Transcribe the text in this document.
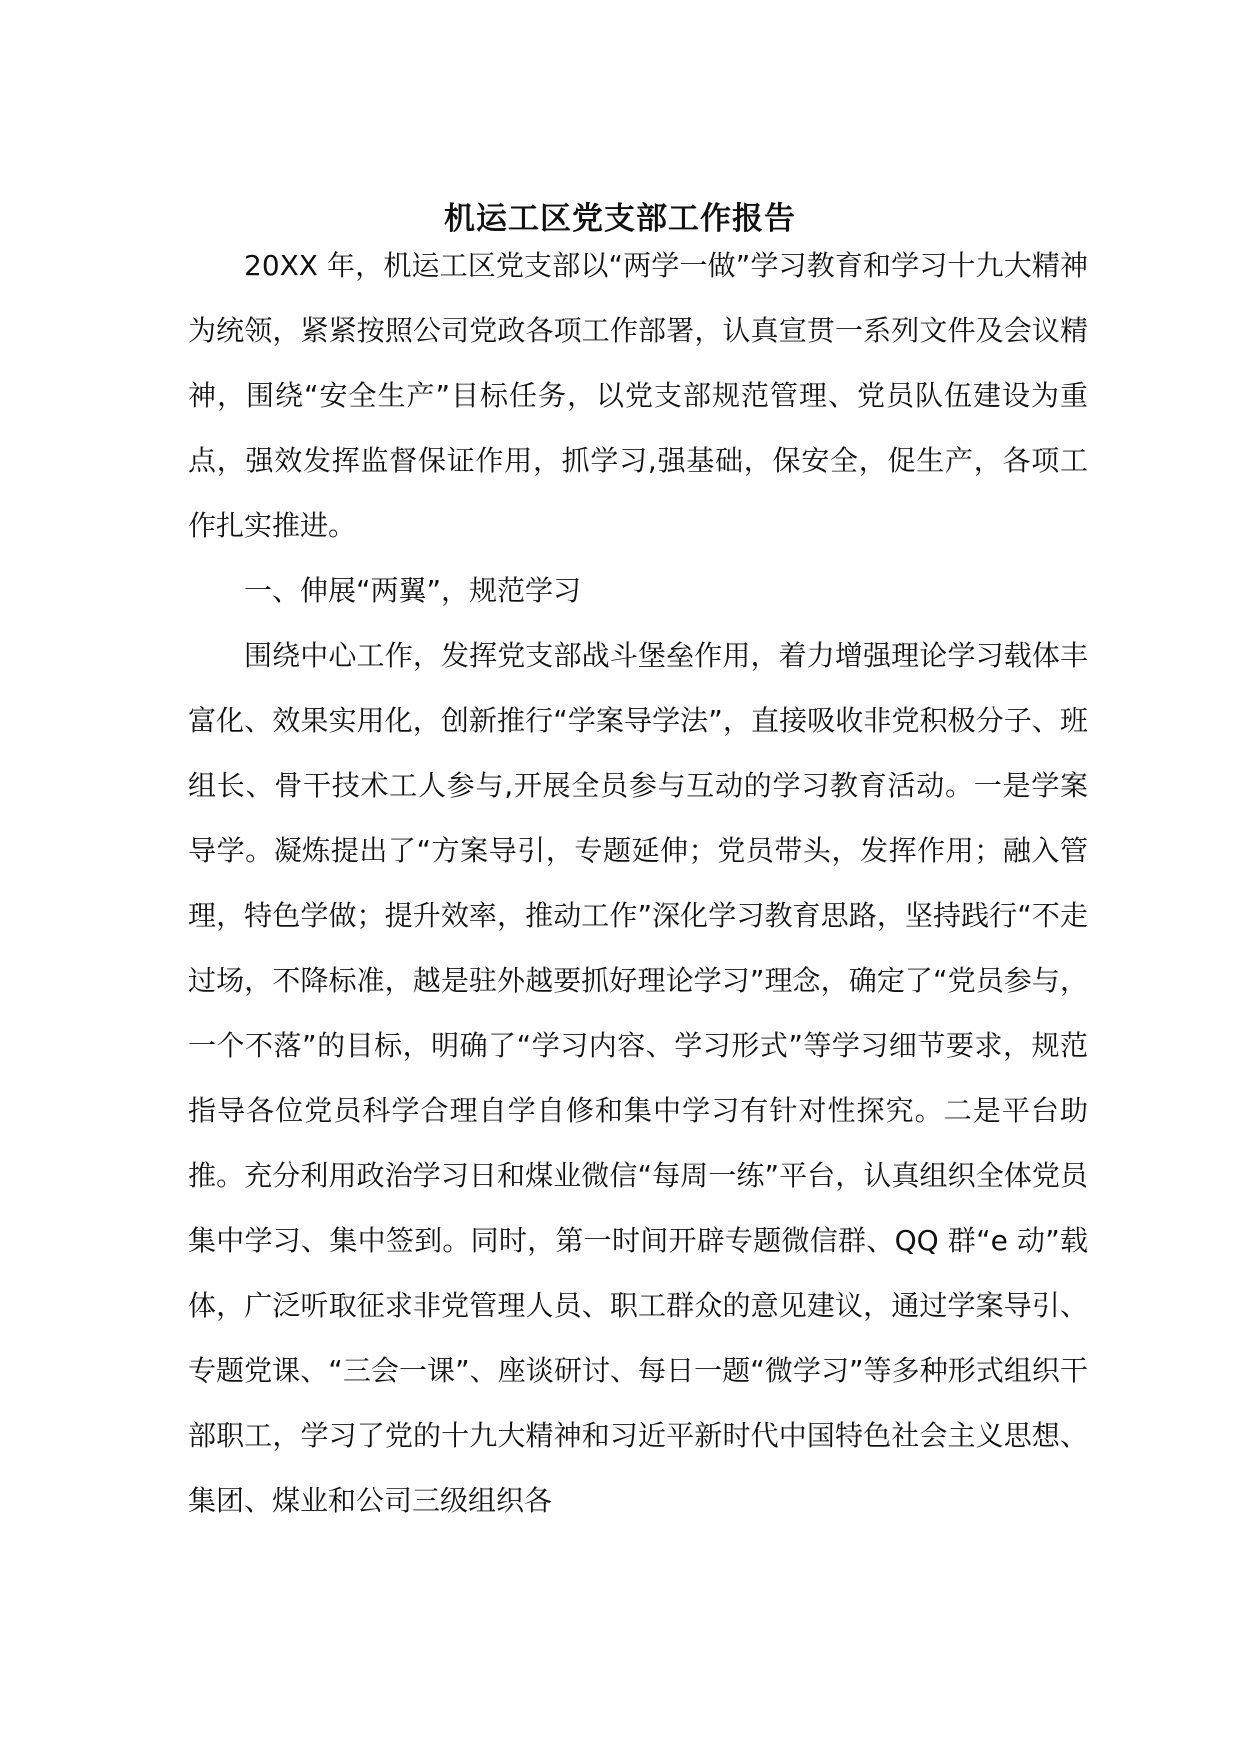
机运工区党支部工作报告

20XX 年，机运工区党支部以“两学一做”学习教育和学习十九大精神为统领，紧紧按照公司党政各项工作部署，认真宣贯一系列文件及会议精神，围绕“安全生产”目标任务，以党支部规范管理、党员队伍建设为重点，强效发挥监督保证作用，抓学习,强基础，保安全，促生产，各项工作扎实推进。

一、伸展“两翼”，规范学习

围绕中心工作，发挥党支部战斗堡垒作用，着力增强理论学习载体丰富化、效果实用化，创新推行“学案导学法”，直接吸收非党积极分子、班组长、骨干技术工人参与,开展全员参与互动的学习教育活动。一是学案导学。凝炼提出了“方案导引，专题延伸；党员带头，发挥作用；融入管理，特色学做；提升效率，推动工作”深化学习教育思路，坚持践行“不走过场，不降标准，越是驻外越要抓好理论学习”理念，确定了“党员参与，一个不落”的目标，明确了“学习内容、学习形式”等学习细节要求，规范指导各位党员科学合理自学自修和集中学习有针对性探究。二是平台助推。充分利用政治学习日和煤业微信“每周一练”平台，认真组织全体党员集中学习、集中签到。同时，第一时间开辟专题微信群、QQ 群“e 动”载体，广泛听取征求非党管理人员、职工群众的意见建议，通过学案导引、专题党课、“三会一课”、座谈研讨、每日一题“微学习”等多种形式组织干部职工，学习了党的十九大精神和习近平新时代中国特色社会主义思想、集团、煤业和公司三级组织各
